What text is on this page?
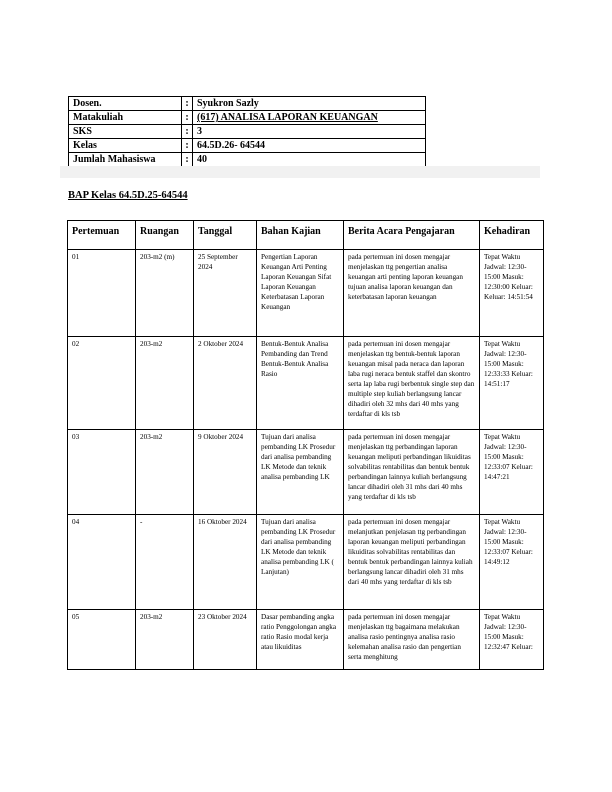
Dosen.	:	Syukron Sazly
Matakuliah	:	(617) ANALISA LAPORAN KEUANGAN
SKS	:	3
Kelas	:	64.5D.26- 64544
Jumlah Mahasiswa	:	40
BAP Kelas 64.5D.25-64544
Pertemuan	Ruangan	Tanggal	Bahan Kajian	Berita Acara Pengajaran	Kehadiran
01	203-m2 (m)	25 September 2024	Pengertian Laporan Keuangan Arti Penting Laporan Keuangan Sifat Laporan Keuangan Keterbatasan Laporan Keuangan	pada pertemuan ini dosen mengajar menjelaskan ttg pengertian analisa keuangan arti penting laporan keuangan tujuan analisa laporan keuangan dan keterbatasan laporan keuangan	Tepat Waktu Jadwal: 12:30-15:00 Masuk: 12:30:00 Keluar: Keluar: 14:51:54
02	203-m2	2 Oktober 2024	Bentuk-Bentuk Analisa Pembanding dan Trend Bentuk-Bentuk Analisa Rasio	pada pertemuan ini dosen mengajar menjelaskan ttg bentuk-bentuk laporan keuangan misal pada neraca dan laporan laba rugi neraca bentuk staffel dan skontro serta lap laba rugi berbentuk single step dan multiple step kuliah berlangsung lancar dihadiri oleh 32 mhs dari 40 mhs yang terdaftar di kls tsb	Tepat Waktu Jadwal: 12:30-15:00 Masuk: 12:33:33 Keluar: 14:51:17
03	203-m2	9 Oktober 2024	Tujuan dari analisa pembanding LK Prosedur dari analisa pembanding LK Metode dan teknik analisa pembanding LK	pada pertemuan ini dosen mengajar menjelaskan ttg perbandingan laporan keuangan meliputi perbandingan likuiditas solvabilitas rentabilitas dan bentuk bentuk perbandingan lainnya kuliah berlangsung lancar dihadiri oleh 31 mhs dari 40 mhs yang terdaftar di kls tsb	Tepat Waktu Jadwal: 12:30-15:00 Masuk: 12:33:07 Keluar: 14:47:21
04	-	16 Oktober 2024	Tujuan dari analisa pembanding LK Prosedur dari analisa pembanding LK Metode dan teknik analisa pembanding LK ( Lanjutan)	pada pertemuan ini dosen mengajar melanjutkan penjelasan ttg perbandingan laporan keuangan meliputi perbandingan likuiditas solvabilitas rentabilitas dan bentuk bentuk perbandingan lainnya kuliah berlangsung lancar dihadiri oleh 31 mhs dari 40 mhs yang terdaftar di kls tsb	Tepat Waktu Jadwal: 12:30-15:00 Masuk: 12:33:07 Keluar: 14:49:12
05	203-m2	23 Oktober 2024	Dasar pembanding angka ratio Penggolongan angka ratio Rasio modal kerja atau likuiditas	pada pertemuan ini dosen mengajar menjelaskan ttg bagaimana melakukan analisa rasio pentingnya analisa rasio kelemahan analisa rasio dan pengertian serta menghitung	Tepat Waktu Jadwal: 12:30-15:00 Masuk: 12:32:47 Keluar:
